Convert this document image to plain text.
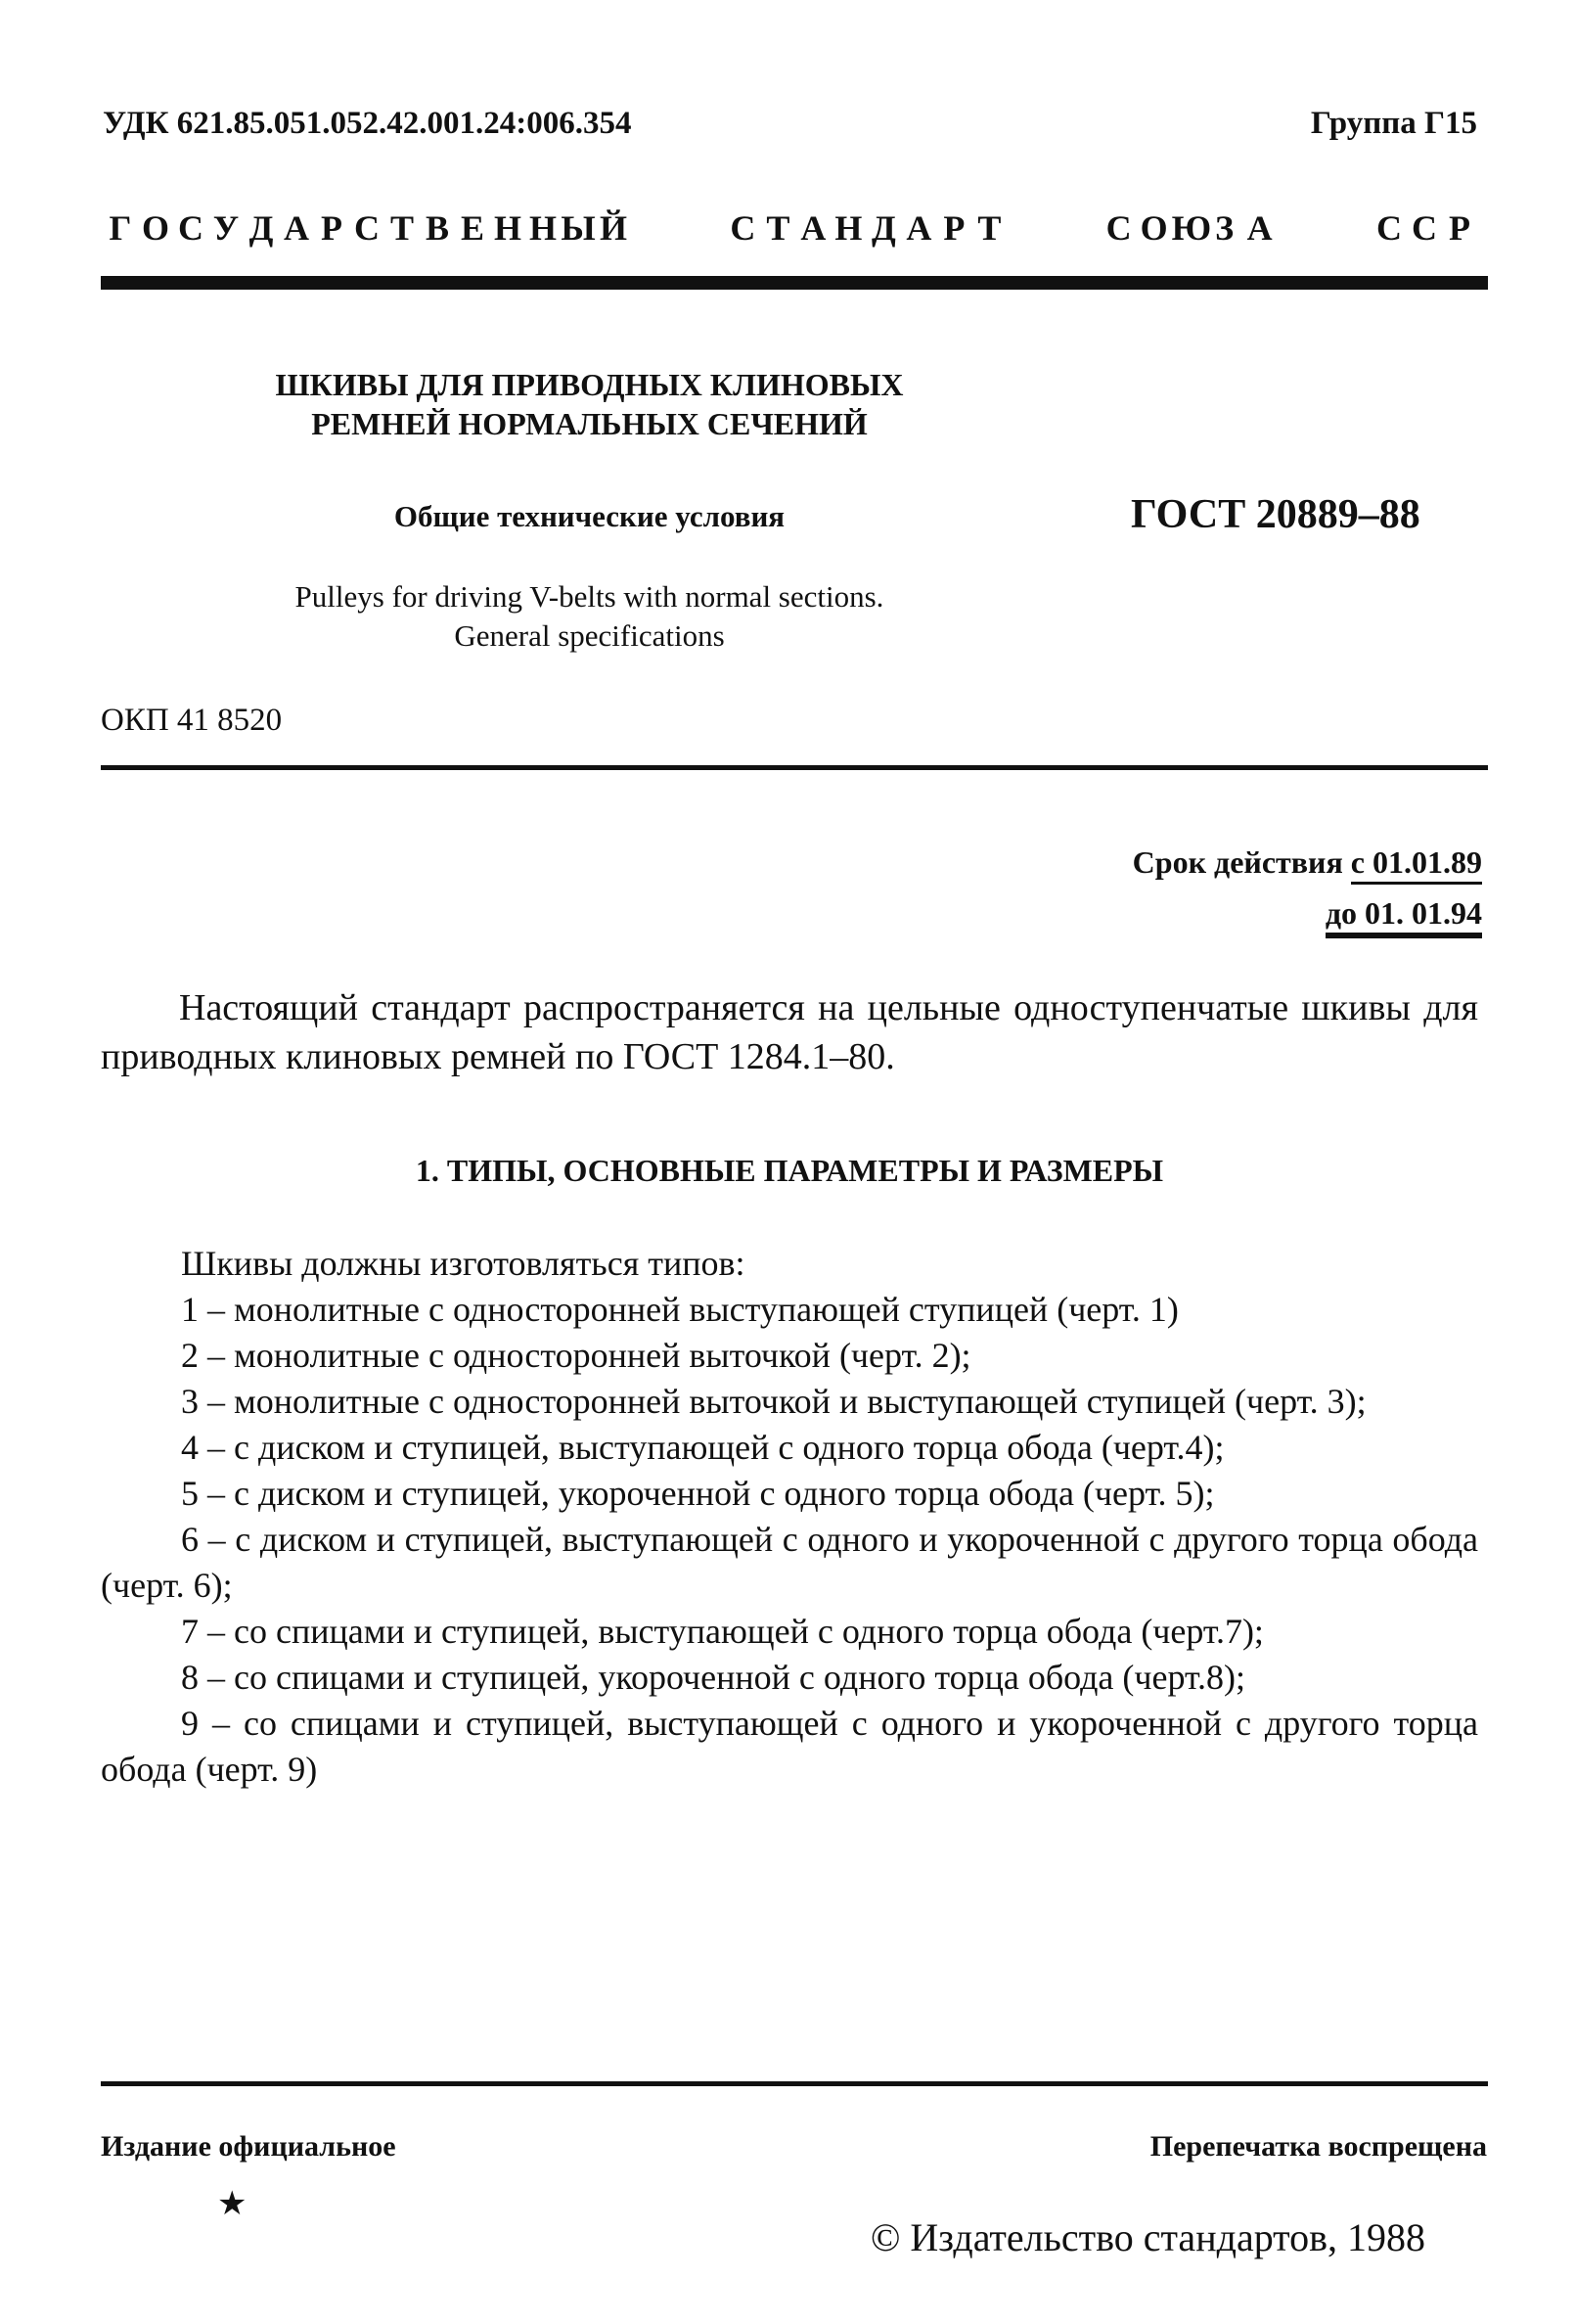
УДК 621.85.051.052.42.001.24:006.354	Группа Г15
Г О С У Д А Р С Т В Е Н Н Ы Й	С Т А Н Д А Р Т	С О Ю З А	С С Р
ШКИВЫ ДЛЯ ПРИВОДНЫХ КЛИНОВЫХ
РЕМНЕЙ НОРМАЛЬНЫХ СЕЧЕНИЙ
Общие технические условия	ГОСТ 20889–88
Pulleys for driving V-belts with normal sections.
General specifications
ОКП 41 8520
Срок действия с 01.01.89
до 01. 01.94
Настоящий стандарт распространяется на цельные одноступенчатые шкивы для приводных клиновых ремней по ГОСТ 1284.1–80.
1. ТИПЫ, ОСНОВНЫЕ ПАРАМЕТРЫ И РАЗМЕРЫ
Шкивы должны изготовляться типов:
1 – монолитные с односторонней выступающей ступицей (черт. 1)
2 – монолитные с односторонней выточкой (черт. 2);
3 – монолитные с односторонней выточкой и выступающей ступицей (черт. 3);
4 – с диском и ступицей, выступающей с одного торца обода (черт.4);
5 – с диском и ступицей, укороченной с одного торца обода (черт. 5);
6 – с диском и ступицей, выступающей с одного и укороченной с другого торца обода (черт. 6);
7 – со спицами и ступицей, выступающей с одного торца обода (черт.7);
8 – со спицами и ступицей, укороченной с одного торца обода (черт.8);
9 – со спицами и ступицей, выступающей с одного и укороченной с другого торца обода (черт. 9)
Издание официальное	Перепечатка воспрещена
★
© Издательство стандартов, 1988
